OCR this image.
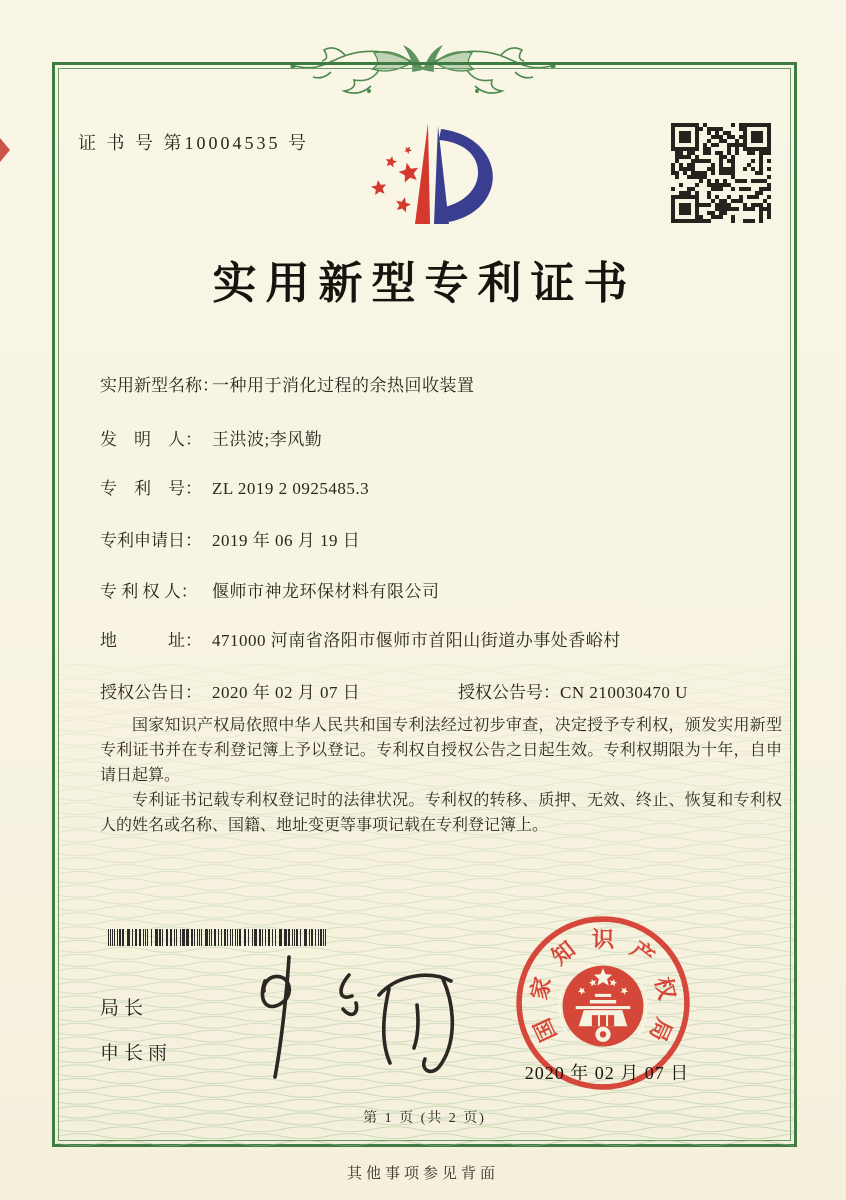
证 书 号 第10004535 号
实用新型专利证书
实用新型名称：一种用于消化过程的余热回收装置
发　明　人： 王洪波;李风勤
专　利　号： ZL 2019 2 0925485.3
专利申请日： 2019 年 06 月 19 日
专 利 权 人： 偃师市神龙环保材料有限公司
地　　　址： 471000 河南省洛阳市偃师市首阳山街道办事处香峪村
授权公告日： 2020 年 02 月 07 日	授权公告号：CN 210030470 U

国家知识产权局依照中华人民共和国专利法经过初步审查，决定授予专利权，颁发实用新型专利证书并在专利登记簿上予以登记。专利权自授权公告之日起生效。专利权期限为十年，自申请日起算。

专利证书记载专利权登记时的法律状况。专利权的转移、质押、无效、终止、恢复和专利权人的姓名或名称、国籍、地址变更等事项记载在专利登记簿上。

局长
申长雨
国
家
知 识 产
权
局
2020 年 02 月 07 日
第 1 页 (共 2 页)
其他事项参见背面
